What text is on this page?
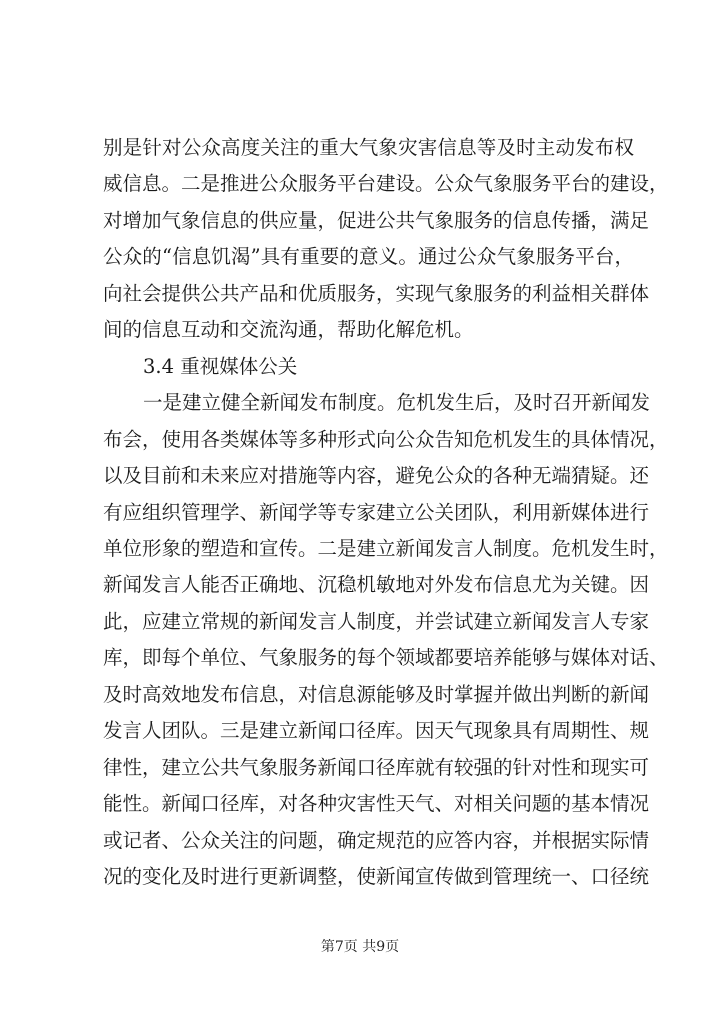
别是针对公众高度关注的重大气象灾害信息等及时主动发布权
威信息。二是推进公众服务平台建设。公众气象服务平台的建设，
对增加气象信息的供应量，促进公共气象服务的信息传播，满足
公众的“信息饥渴”具有重要的意义。通过公众气象服务平台，
向社会提供公共产品和优质服务，实现气象服务的利益相关群体
间的信息互动和交流沟通，帮助化解危机。
3.4 重视媒体公关
一是建立健全新闻发布制度。危机发生后，及时召开新闻发
布会，使用各类媒体等多种形式向公众告知危机发生的具体情况，
以及目前和未来应对措施等内容，避免公众的各种无端猜疑。还
有应组织管理学、新闻学等专家建立公关团队，利用新媒体进行
单位形象的塑造和宣传。二是建立新闻发言人制度。危机发生时，
新闻发言人能否正确地、沉稳机敏地对外发布信息尤为关键。因
此，应建立常规的新闻发言人制度，并尝试建立新闻发言人专家
库，即每个单位、气象服务的每个领域都要培养能够与媒体对话、
及时高效地发布信息，对信息源能够及时掌握并做出判断的新闻
发言人团队。三是建立新闻口径库。因天气现象具有周期性、规
律性，建立公共气象服务新闻口径库就有较强的针对性和现实可
能性。新闻口径库，对各种灾害性天气、对相关问题的基本情况
或记者、公众关注的问题，确定规范的应答内容，并根据实际情
况的变化及时进行更新调整，使新闻宣传做到管理统一、口径统
第7页 共9页
